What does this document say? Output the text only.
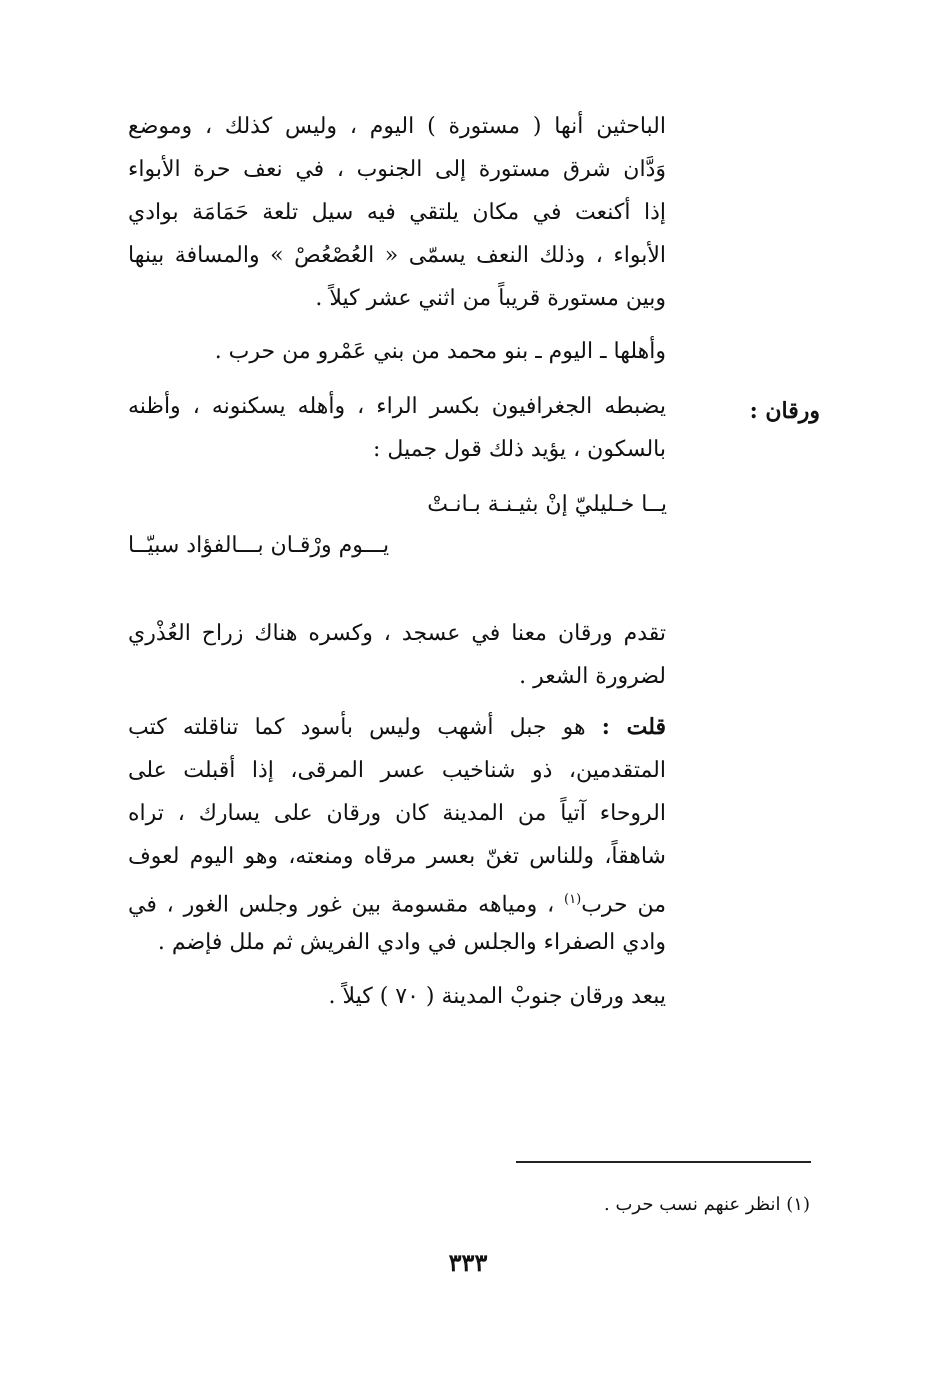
الباحثين أنها ( مستورة ) اليوم ، وليس كذلك ، وموضع
وَدَّان شرق مستورة إلى الجنوب ، في نعف حرة الأبواء
إذا أكنعت في مكان يلتقي فيه سيل تلعة حَمَامَة بوادي
الأبواء ، وذلك النعف يسمّى « العُصْعُصْ » والمسافة بينها
وبين مستورة قريباً من اثني عشر كيلاً .
وأهلها ـ اليوم ـ بنو محمد من بني عَمْرو من حرب .
ورقان :
يضبطه الجغرافيون بكسر الراء ، وأهله يسكنونه ، وأظنه
بالسكون ، يؤيد ذلك قول جميل :
يــا خـليليّ إنْ بثيـنـة بـانـتْ
يـــوم ورْقـان بـــالفؤاد سبيّــا
تقدم ورقان معنا في عسجد ، وكسره هناك زراح العُذْري
لضرورة الشعر .
قلت : هو جبل أشهب وليس بأسود كما تناقلته كتب
المتقدمين، ذو شناخيب عسر المرقى، إذا أقبلت على
الروحاء آتياً من المدينة كان ورقان على يسارك ، تراه
شاهقاً، وللناس تغنّ بعسر مرقاه ومنعته، وهو اليوم لعوف
من حرب$^{(١)}$ ، ومياهه مقسومة بين غور وجلس الغور ، في
وادي الصفراء والجلس في وادي الفريش ثم ملل فإضم .
يبعد ورقان جنوبْ المدينة ( ٧٠ ) كيلاً .
(١) انظر عنهم نسب حرب .
٣٣٣
